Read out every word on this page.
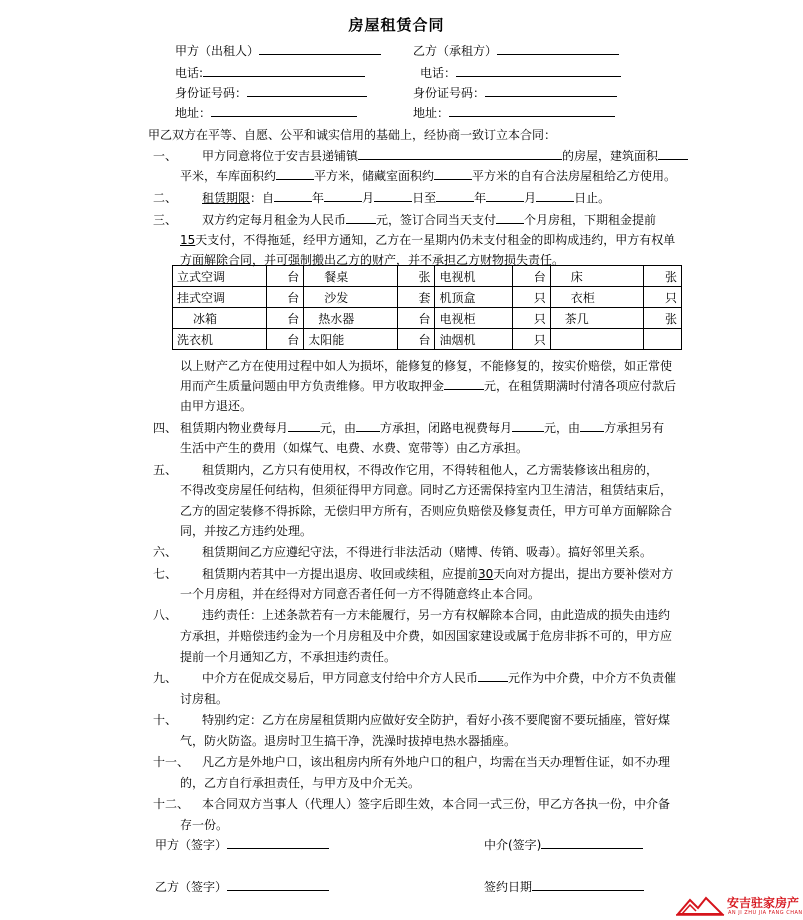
房屋租赁合同
甲方（出租人）	乙方（承租方）
电话:	电话：
身份证号码：	身份证号码：
地址：	地址：
甲乙双方在平等、自愿、公平和诚实信用的基础上，经协商一致订立本合同：
一、 甲方同意将位于安吉县递铺镇	的房屋，建筑面积
平米，车库面积约	平方米，储藏室面积约	平方米的自有合法房屋租给乙方使用。
二、 租赁期限：自	年	月	日至	年	月	日止。
三、 双方约定每月租金为人民币	元，签订合同当天支付 个月房租，下期租金提前
15天支付，不得拖延，经甲方通知，乙方在一星期内仍未支付租金的即构成违约，甲方有权单
方面解除合同，并可强制搬出乙方的财产，并不承担乙方财物损失责任。
立式空调	台	餐桌	张	电视机	台	床	张
挂式空调	台	沙发	套	机顶盒	只	衣柜	只
冰箱	台	热水器	台	电视柜	只	茶几	张
洗衣机	台	太阳能	台	油烟机	只		
以上财产乙方在使用过程中如人为损坏，能修复的修复，不能修复的，按实价赔偿，如正常使
用而产生质量问题由甲方负责维修。甲方收取押金	元，在租赁期满时付清各项应付款后
由甲方退还。
四、 租赁期内物业费每月	元，由 方承担，闭路电视费每月	元，由 方承担另有
生活中产生的费用（如煤气、电费、水费、宽带等）由乙方承担。
五、 租赁期内，乙方只有使用权，不得改作它用，不得转租他人，乙方需装修该出租房的，
不得改变房屋任何结构，但须征得甲方同意。同时乙方还需保持室内卫生清洁，租赁结束后，
乙方的固定装修不得拆除，无偿归甲方所有，否则应负赔偿及修复责任，甲方可单方面解除合
同，并按乙方违约处理。
六、 租赁期间乙方应遵纪守法，不得进行非法活动（赌博、传销、吸毒）。搞好邻里关系。
七、 租赁期内若其中一方提出退房、收回或续租，应提前30天向对方提出，提出方要补偿对方
一个月房租，并在经得对方同意否者任何一方不得随意终止本合同。
八、 违约责任：上述条款若有一方未能履行，另一方有权解除本合同，由此造成的损失由违约
方承担，并赔偿违约金为一个月房租及中介费，如因国家建设或属于危房非拆不可的，甲方应
提前一个月通知乙方，不承担违约责任。
九、 中介方在促成交易后，甲方同意支付给中介方人民币	元作为中介费，中介方不负责催
讨房租。
十、 特别约定：乙方在房屋租赁期内应做好安全防护，看好小孩不要爬窗不要玩插座，管好煤
气，防火防盗。退房时卫生搞干净，洗澡时拔掉电热水器插座。
十一、 凡乙方是外地户口，该出租房内所有外地户口的租户，均需在当天办理暂住证，如不办理
的，乙方自行承担责任，与甲方及中介无关。
十二、 本合同双方当事人（代理人）签字后即生效，本合同一式三份，甲乙方各执一份，中介备
存一份。
甲方（签字）	中介(签字)
乙方（签字）	签约日期
安吉驻家房产
AN JI ZHU JIA FANG CHAN
